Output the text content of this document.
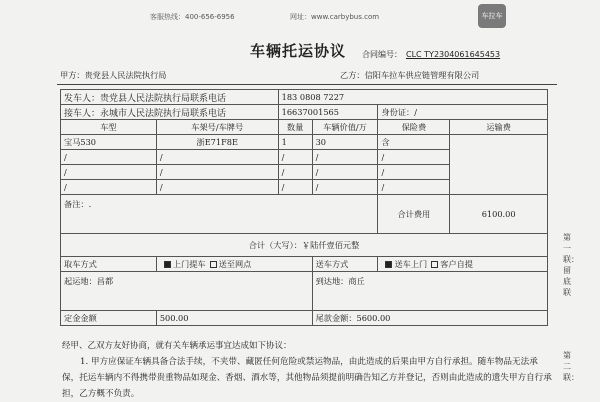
客服热线：400-656-6956	网址：www.carbybus.com	车拉车
车辆托运协议 合同编号： CLC TY2304061645453
甲方：贵党县人民法院执行局	乙方：信阳车拉车供应链管理有限公司
发车人：贵党县人民法院执行局联系电话		183 0808 7227			
接车人：永城市人民法院执行局联系电话		16637001565		身份证：/	
车型	车架号/车牌号	数量	车辆价值/万	保险费	运输费
宝马530	浙E71F8E	1	30	含	
/	/	/	/	/	
/	/	/	/	/	
/	/	/	/	/	
备注：.				合计费用	6100.00
合计（大写）：￥陆仟壹佰元整					
取车方式	上门提车 送至网点		送车方式	送车上门 客户自提	
起运地：昌都			到达地：商丘		
定金金额	500.00		尾款金额：5600.00		
经甲、乙双方友好协商，就有关车辆承运事宜达成如下协议：
1. 甲方应保证车辆具备合法手续，不夹带、藏匿任何危险或禁运物品，由此造成的后果由甲方自行承担。随车物品无法承保，托运车辆内不得携带贵重物品如现金、香烟、酒水等，其他物品须提前明确告知乙方并登记，否则由此造成的遗失甲方自行承担，乙方概不负责。
第一联：留底联
第二联：
